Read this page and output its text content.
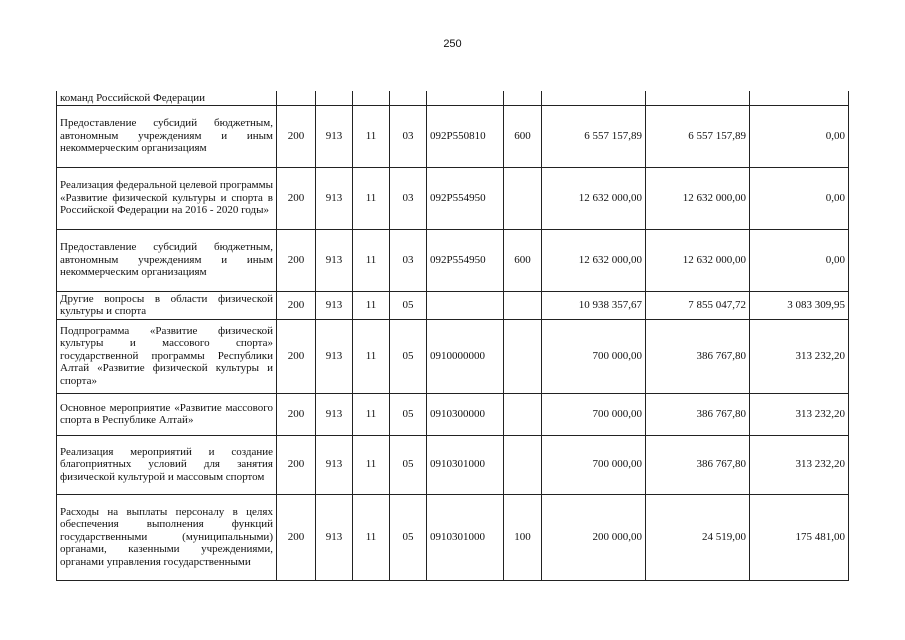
250
команд Российской Федерации									
Предоставление субсидий бюджетным, автономным учреждениям и иным некоммерческим организациям	200	913	11	03	092Р550810	600	6 557 157,89	6 557 157,89	0,00
Реализация федеральной целевой программы «Развитие физической культуры и спорта в Российской Федерации на 2016 - 2020 годы»	200	913	11	03	092Р554950		12 632 000,00	12 632 000,00	0,00
Предоставление субсидий бюджетным, автономным учреждениям и иным некоммерческим организациям	200	913	11	03	092Р554950	600	12 632 000,00	12 632 000,00	0,00
Другие вопросы в области физической культуры и спорта	200	913	11	05			10 938 357,67	7 855 047,72	3 083 309,95
Подпрограмма «Развитие физической культуры и массового спорта» государственной программы Республики Алтай «Развитие физической культуры и спорта»	200	913	11	05	0910000000		700 000,00	386 767,80	313 232,20
Основное мероприятие «Развитие массового спорта в Республике Алтай»	200	913	11	05	0910300000		700 000,00	386 767,80	313 232,20
Реализация мероприятий и создание благоприятных условий для занятия физической культурой и массовым спортом	200	913	11	05	0910301000		700 000,00	386 767,80	313 232,20
Расходы на выплаты персоналу в целях обеспечения выполнения функций государственными (муниципальными) органами, казенными учреждениями, органами управления государственными	200	913	11	05	0910301000	100	200 000,00	24 519,00	175 481,00
